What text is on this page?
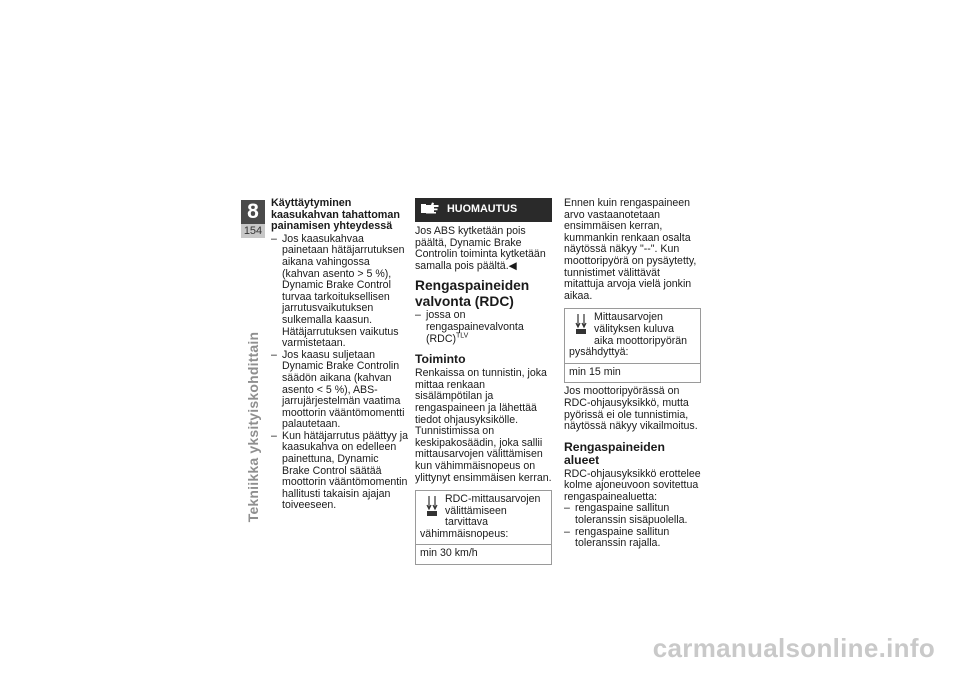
8
154
Tekniikka yksityiskohdittain
Käyttäytyminen kaasukahvan tahattoman painamisen yhteydessä
– Jos kaasukahvaa painetaan hätäjarrutuksen aikana vahingossa (kahvan asento > 5 %), Dynamic Brake Control turvaa tarkoituksellisen jarrutusvaikutuksen sulkemalla kaasun. Hätäjarrutuksen vaikutus varmistetaan.
– Jos kaasu suljetaan Dynamic Brake Controlin säädön aikana (kahvan asento < 5 %), ABS-jarrujärjestelmän vaatima moottorin vääntömomentti palautetaan.
– Kun hätäjarrutus päättyy ja kaasukahva on edelleen painettuna, Dynamic Brake Control säätää moottorin vääntömomentin hallitusti takaisin ajajan toiveeseen.
HUOMAUTUS

Jos ABS kytketään pois päältä, Dynamic Brake Controlin toiminta kytketään samalla pois päältä.◀

Rengaspaineiden valvonta (RDC)
– jossa on rengaspainevalvonta (RDC)$^{TLV}$
Toiminto

Renkaissa on tunnistin, joka mittaa renkaan sisälämpötilan ja rengaspaineen ja lähettää tiedot ohjausyksikölle. Tunnistimissa on keskipakosäädin, joka sallii mittausarvojen välittämisen kun vähimmäisnopeus on ylittynyt ensimmäisen kerran.

RDC-mittausarvojen välittämiseen tarvittava vähimmäisnopeus:
min 30 km/h

Ennen kuin rengaspaineen arvo vastaanotetaan ensimmäisen kerran, kummankin renkaan osalta näytössä näkyy "--". Kun moottoripyörä on pysäytetty, tunnistimet välittävät mitattuja arvoja vielä jonkin aikaa.

Mittausarvojen välityksen kuluva aika moottoripyörän pysähdyttyä:
min 15 min

Jos moottoripyörässä on RDC-ohjausyksikkö, mutta pyörissä ei ole tunnistimia, näytössä näkyy vikailmoitus.

Rengaspaineiden alueet

RDC-ohjausyksikkö erottelee kolme ajoneuvoon sovitettua rengaspainealuetta:

– rengaspaine sallitun toleranssin sisäpuolella.
– rengaspaine sallitun toleranssin rajalla.
carmanualsonline.info
